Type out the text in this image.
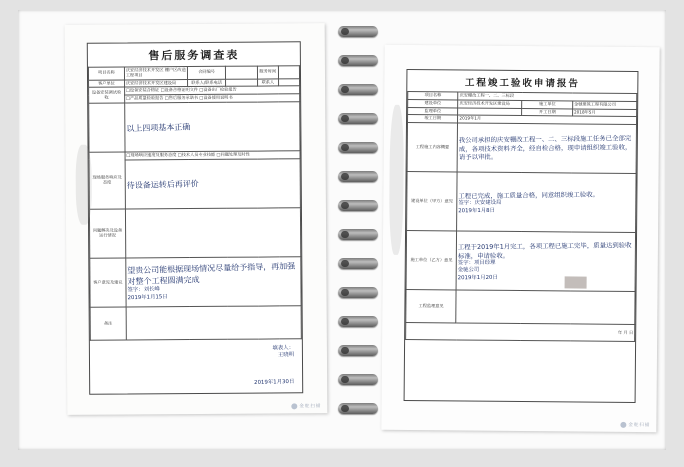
售后服务调查表
项目名称	庆安经济技术开发区 棚户区改造工程项目	合同编号		服务时间	
客户单位	庆安经济技术开发区建设局	联系人/联系电话		联系人	
设备安装调试验收	□设备安装合格证 □设备合格证明文件 □设备出厂检验报告				
	□产品质量检验报告 □售后服务承诺书 □设备使用说明书				

	以上四项基本正确				

现场服务响应及态度	□现场响应速度及服务态度 □技术人员专业技能 □问题处理及时性				

	待设备运转后再评价				

问题解决及设备运行情况					

客户意见及建议	望贵公司能根据现场情况尽量给予指导，再加强对整个工程圆满完成
签字：刘长峰
2019年1月15日				

备注					
填表人：
王晓明

2019年1月30日
金舵扫描
工程竣工验收申请报告
项目名称	庆安棚改工程一、二、三标段		
建设单位	庆安经济技术开发区建设局	施工单位	金驰建筑工程有限公司
监理单位		开工日期	2018年5月
竣工日期	2019年1月		
工程施工内容概要	我公司承担的庆安棚改工程一、二、三标段施工任务已全部完成，各项技术资料齐全，经自检合格，现申请组织竣工验收，请予以审批。		

建设单位（甲方）意见	工程已完成，施工质量合格，同意组织竣工验收。
签字：庆安建设局
2019年1月8日		

施工单位（乙方）意见	工程于2019年1月完工，各项工程已施工完毕，质量达到验收标准，申请验收。
签字：项目经理
金驰公司
2019年1月20日		

工程监理意见			
年 月 日			
金舵扫描
